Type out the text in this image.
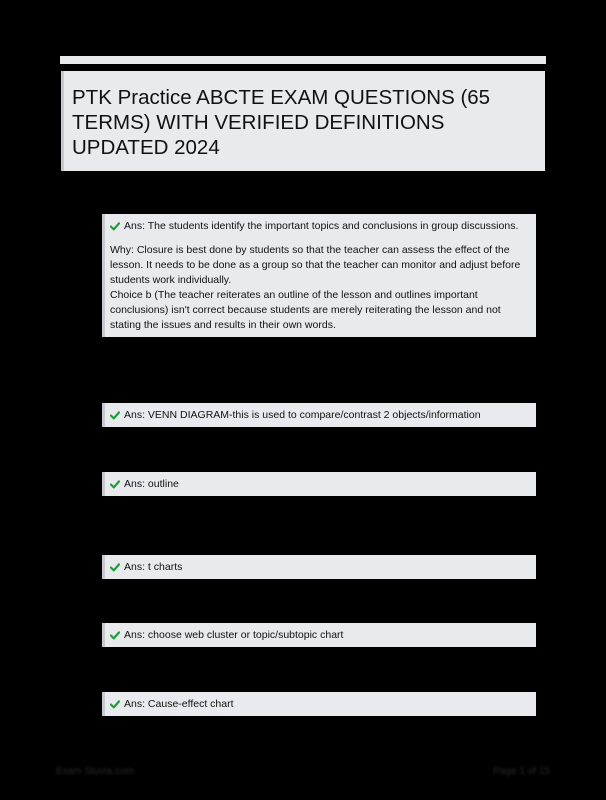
PTK Practice ABCTE EXAM QUESTIONS (65 TERMS) WITH VERIFIED DEFINITIONS UPDATED 2024
Ans: The students identify the important topics and conclusions in group discussions.
Why: Closure is best done by students so that the teacher can assess the effect of the lesson. It needs to be done as a group so that the teacher can monitor and adjust before students work individually.
Choice b (The teacher reiterates an outline of the lesson and outlines important conclusions) isn't correct because students are merely reiterating the lesson and not stating the issues and results in their own words.
Ans: VENN DIAGRAM-this is used to compare/contrast 2 objects/information
Ans: outline
Ans: t charts
Ans: choose web cluster or topic/subtopic chart
Ans: Cause-effect chart
Exam Stuvia.com	Page 1 of 15
